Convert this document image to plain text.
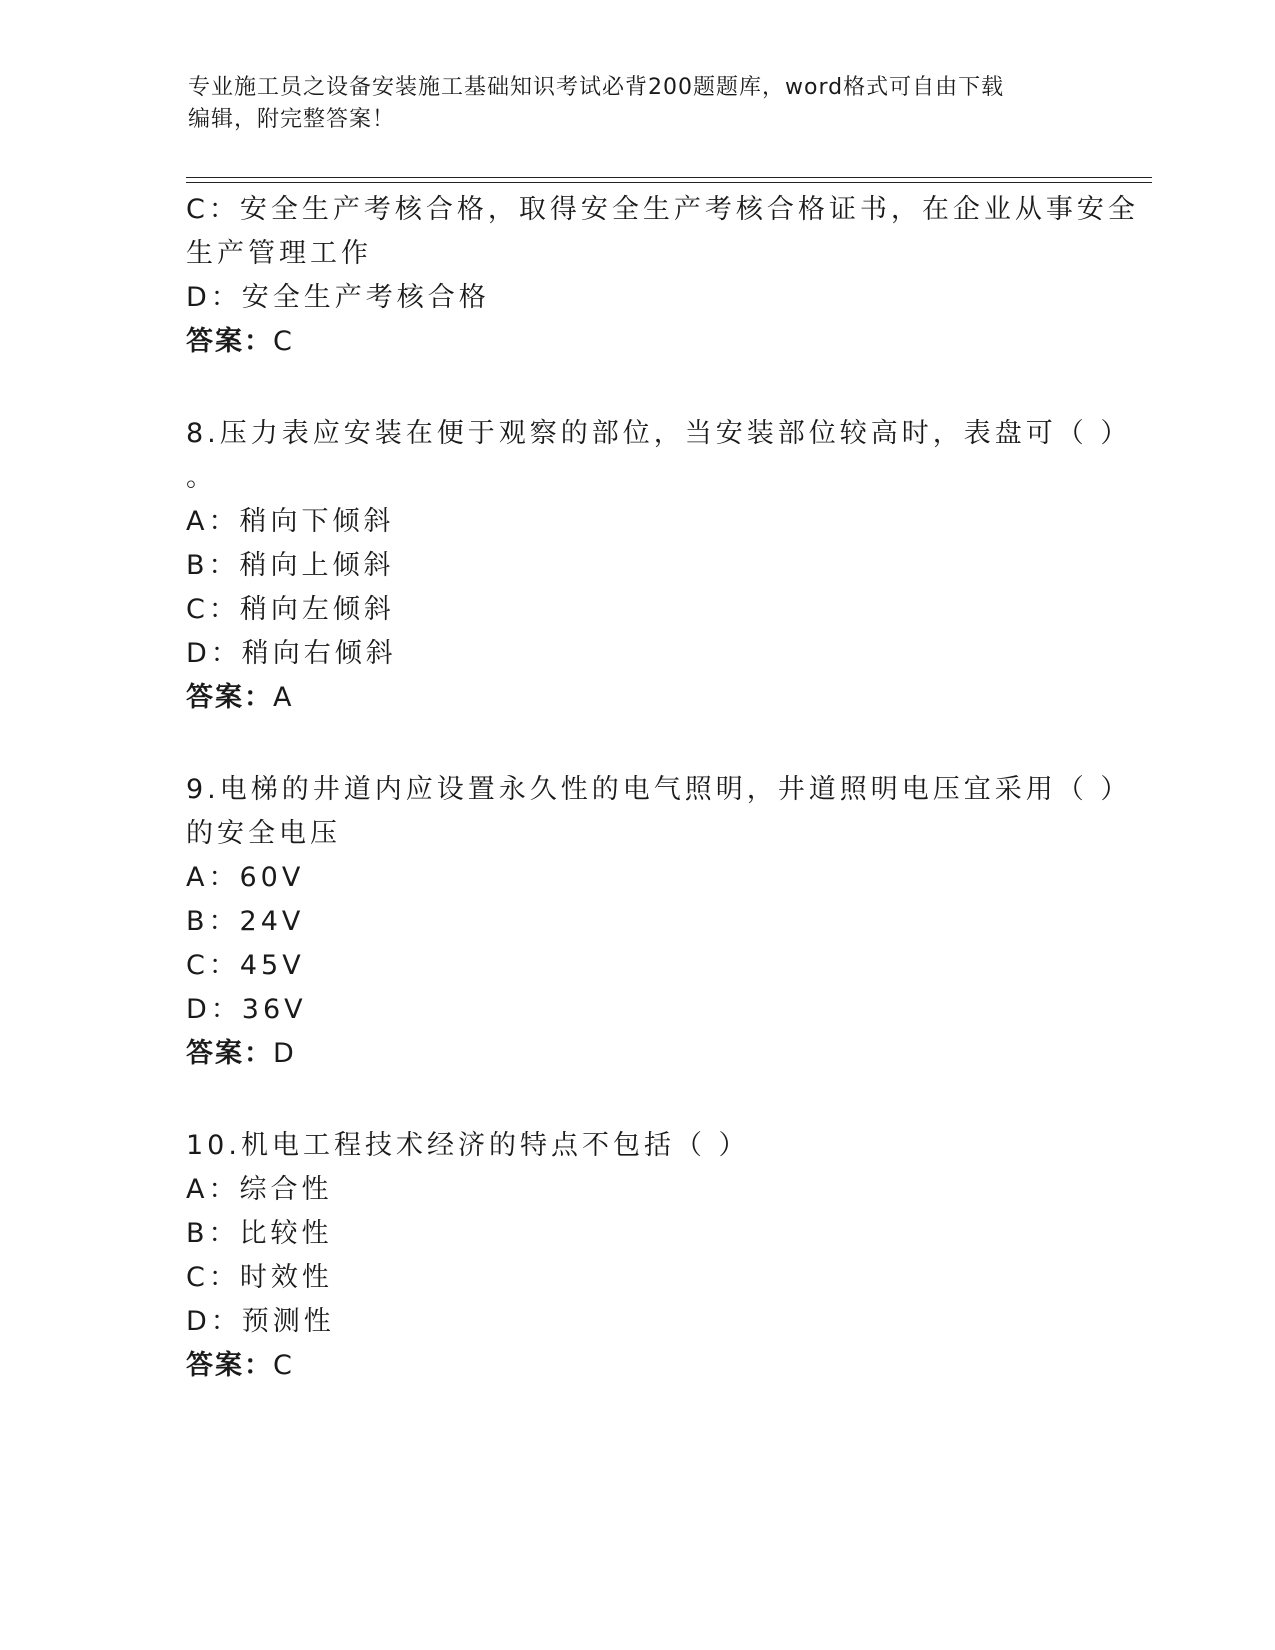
专业施工员之设备安装施工基础知识考试必背200题题库，word格式可自由下载
编辑，附完整答案！

C：安全生产考核合格，取得安全生产考核合格证书，在企业从事安全

生产管理工作

D：安全生产考核合格

答案：C

8.压力表应安装在便于观察的部位，当安装部位较高时，表盘可（ ）

。

A：稍向下倾斜

B：稍向上倾斜

C：稍向左倾斜

D：稍向右倾斜

答案：A

9.电梯的井道内应设置永久性的电气照明，井道照明电压宜采用（ ）

的安全电压

A：60V

B：24V

C：45V

D：36V

答案：D

10.机电工程技术经济的特点不包括（ ）

A：综合性

B：比较性

C：时效性

D：预测性

答案：C
